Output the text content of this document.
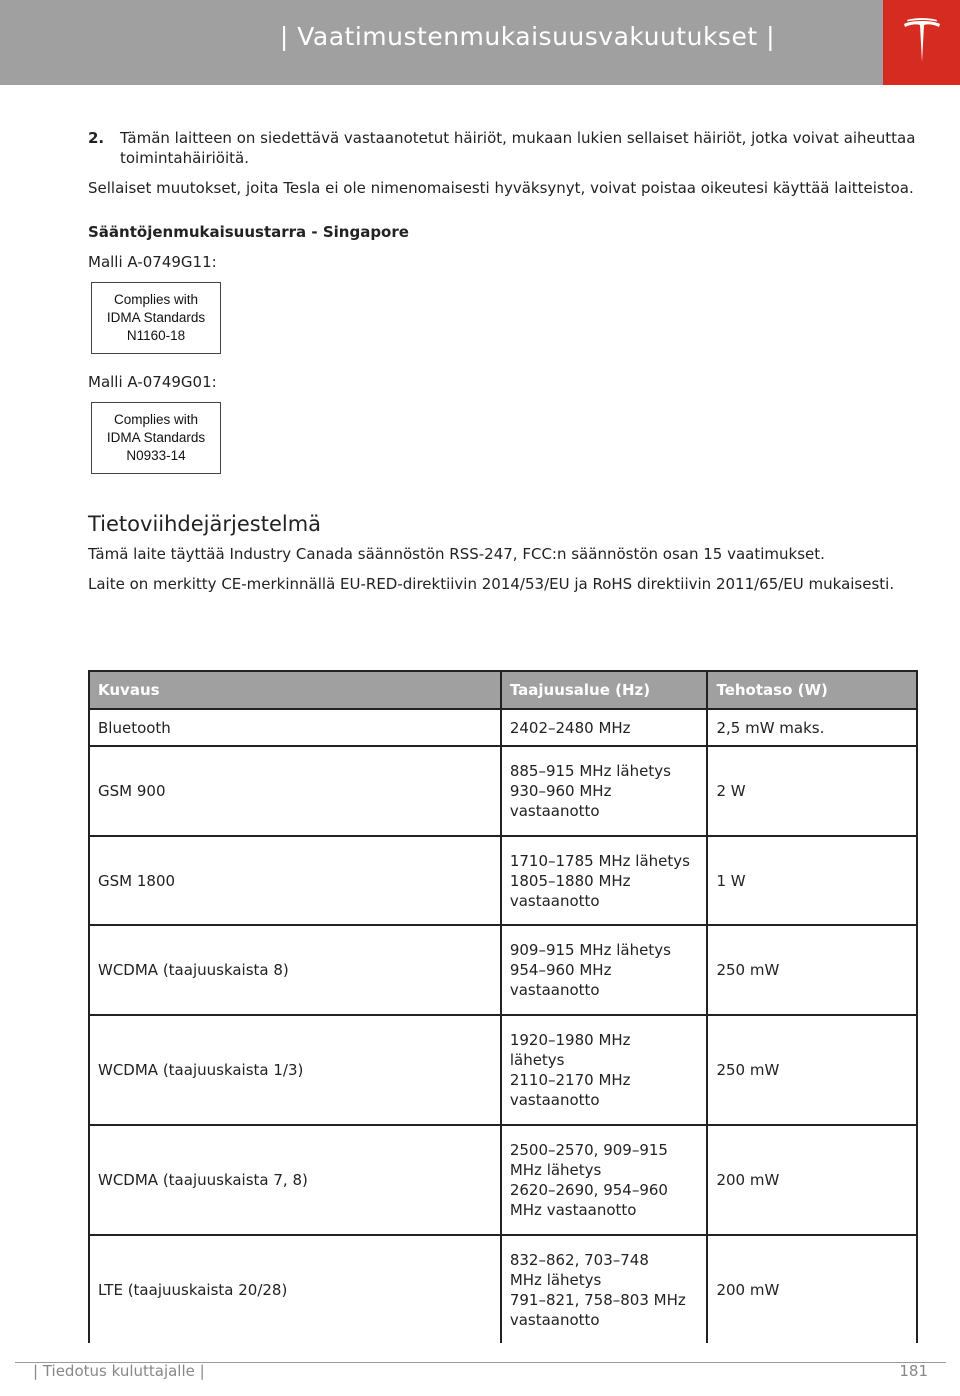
| Vaatimustenmukaisuusvakuutukset |
2. Tämän laitteen on siedettävä vastaanotetut häiriöt, mukaan lukien sellaiset häiriöt, jotka voivat aiheuttaa toimintahäiriöitä.

Sellaiset muutokset, joita Tesla ei ole nimenomaisesti hyväksynyt, voivat poistaa oikeutesi käyttää laitteistoa.

Sääntöjenmukaisuustarra - Singapore

Malli A-0749G11:

Complies with
IDMA Standards
N1160-18

Malli A-0749G01:

Complies with
IDMA Standards
N0933-14
Tietoviihdejärjestelmä

Tämä laite täyttää Industry Canada säännöstön RSS-247, FCC:n säännöstön osan 15 vaatimukset.

Laite on merkitty CE-merkinnällä EU-RED-direktiivin 2014/53/EU ja RoHS direktiivin 2011/65/EU mukaisesti.

Kuvaus	Taajuusalue (Hz)	Tehotaso (W)
Bluetooth	2402–2480 MHz	2,5 mW maks.
GSM 900	885–915 MHz lähetys
930–960 MHz
vastaanotto	2 W
GSM 1800	1710–1785 MHz lähetys
1805–1880 MHz
vastaanotto	1 W
WCDMA (taajuuskaista 8)	909–915 MHz lähetys
954–960 MHz
vastaanotto	250 mW
WCDMA (taajuuskaista 1/3)	1920–1980 MHz
lähetys
2110–2170 MHz
vastaanotto	250 mW
WCDMA (taajuuskaista 7, 8)	2500–2570, 909–915
MHz lähetys
2620–2690, 954–960
MHz vastaanotto	200 mW
LTE (taajuuskaista 20/28)	832–862, 703–748
MHz lähetys
791–821, 758–803 MHz
vastaanotto	200 mW
| Tiedotus kuluttajalle |	181
